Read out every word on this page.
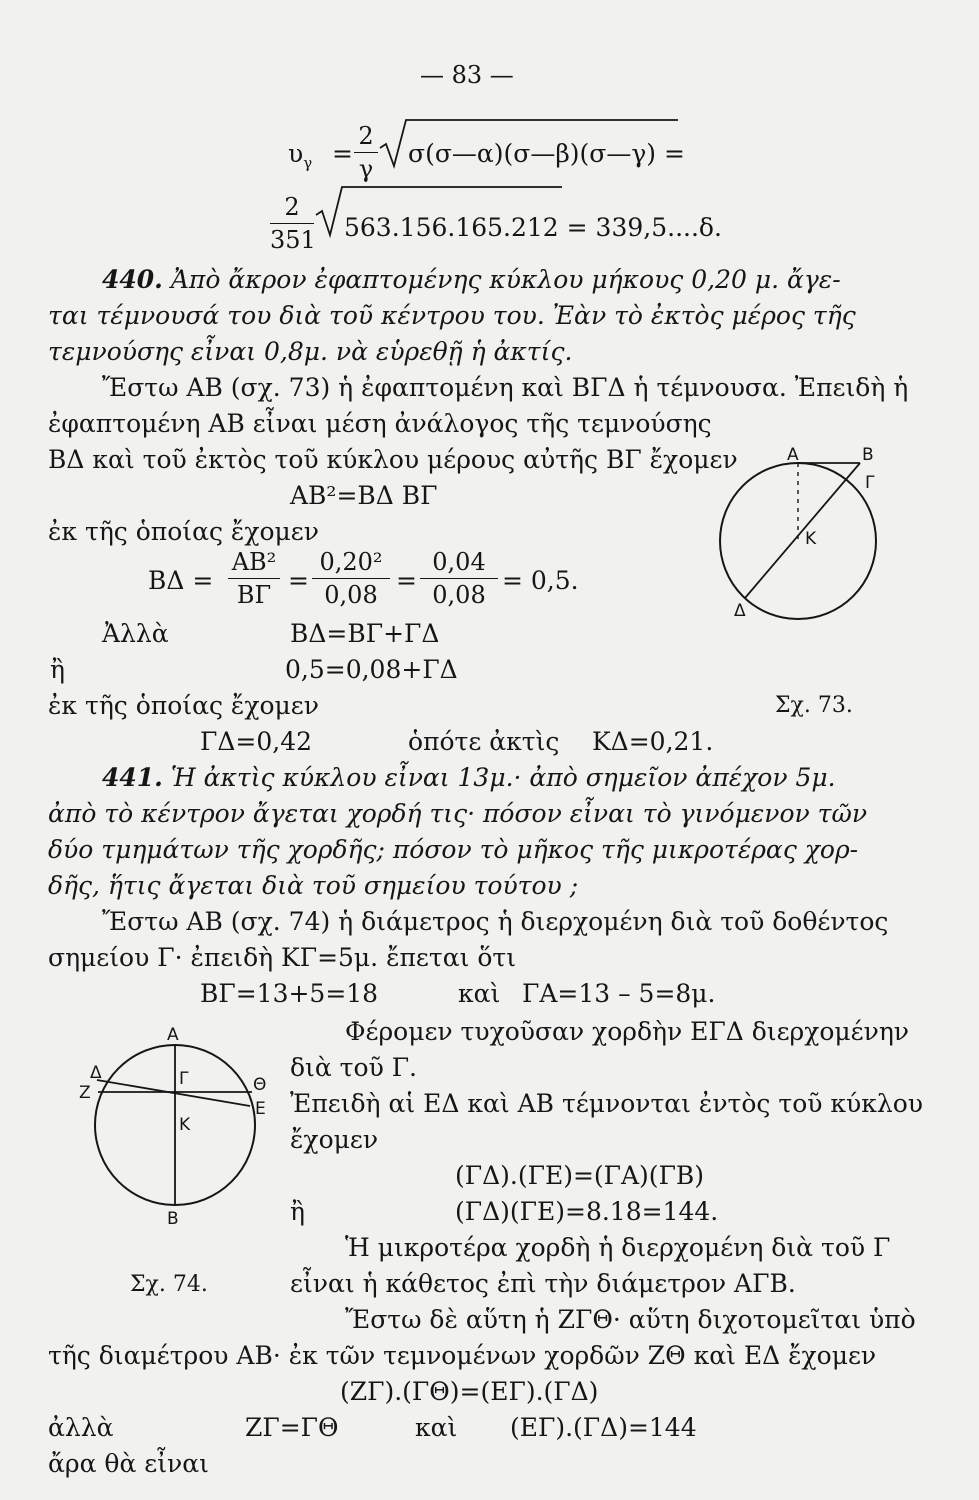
— 83 —
$\upsilon_\gamma$ =
2
γ
σ(σ—α)(σ—β)(σ—γ) =
2
351 563.156.165.212 = 339,5....δ.
440. Ἀπὸ ἄκρον ἐφαπτομένης κύκλου μήκους 0,20 μ. ἄγε-
ται τέμνουσά του διὰ τοῦ κέντρου του. Ἐὰν τὸ ἐκτὸς μέρος τῆς
τεμνούσης εἶναι 0,8μ. νὰ εὑρεθῇ ἡ ἀκτίς.
Ἔστω ΑΒ (σχ. 73) ἡ ἐφαπτομένη καὶ ΒΓΔ ἡ τέμνουσα. Ἐπειδὴ ἡ
ἐφαπτομένη ΑΒ εἶναι μέση ἀνάλογος τῆς τεμνούσης
ΒΔ καὶ τοῦ ἐκτὸς τοῦ κύκλου μέρους αὐτῆς ΒΓ ἔχομεν
ΑΒ²=ΒΔ ΒΓ
ἐκ τῆς ὁποίας ἔχομεν
ΒΔ =
ΑΒ²
ΒΓ =
0,20²
0,08 =
0,04
0,08 = 0,5.
Ἀλλὰ	ΒΔ=ΒΓ+ΓΔ
ἢ	0,5=0,08+ΓΔ
ἐκ τῆς ὁποίας ἔχομεν	Σχ. 73.
ΓΔ=0,42	ὁπότε ἀκτὶς ΚΔ=0,21.
Α	Β
Γ
Κ
Δ
441. Ἡ ἀκτὶς κύκλου εἶναι 13μ.· ἀπὸ σημεῖον ἀπέχον 5μ.
ἀπὸ τὸ κέντρον ἄγεται χορδή τις· πόσον εἶναι τὸ γινόμενον τῶν
δύο τμημάτων τῆς χορδῆς; πόσον τὸ μῆκος τῆς μικροτέρας χορ-
δῆς, ἥτις ἄγεται διὰ τοῦ σημείου τούτου ;
Ἔστω ΑΒ (σχ. 74) ἡ διάμετρος ἡ διερχομένη διὰ τοῦ δοθέντος
σημείου Γ· ἐπειδὴ ΚΓ=5μ. ἔπεται ὅτι
ΒΓ=13+5=18	καὶ ΓΑ=13 – 5=8μ.
Φέρομεν τυχοῦσαν χορδὴν ΕΓΔ διερχομένην
διὰ τοῦ Γ.
Ἐπειδὴ αἱ ΕΔ καὶ ΑΒ τέμνονται ἐντὸς τοῦ κύκλου
ἔχομεν
(ΓΔ).(ΓΕ)=(ΓΑ)(ΓΒ)
ἢ	(ΓΔ)(ΓΕ)=8.18=144.
Ἡ μικροτέρα χορδὴ ἡ διερχομένη διὰ τοῦ Γ
Σχ. 74.	εἶναι ἡ κάθετος ἐπὶ τὴν διάμετρον ΑΓΒ.
Ἔστω δὲ αὕτη ἡ ΖΓΘ· αὕτη διχοτομεῖται ὑπὸ
τῆς διαμέτρου ΑΒ· ἐκ τῶν τεμνομένων χορδῶν ΖΘ καὶ ΕΔ ἔχομεν
(ΖΓ).(ΓΘ)=(ΕΓ).(ΓΔ)
ἀλλὰ	ΖΓ=ΓΘ	καὶ (ΕΓ).(ΓΔ)=144
ἄρα θὰ εἶναι
Α
Δ
Ζ
Γ	Θ
Ε
Κ
Β
